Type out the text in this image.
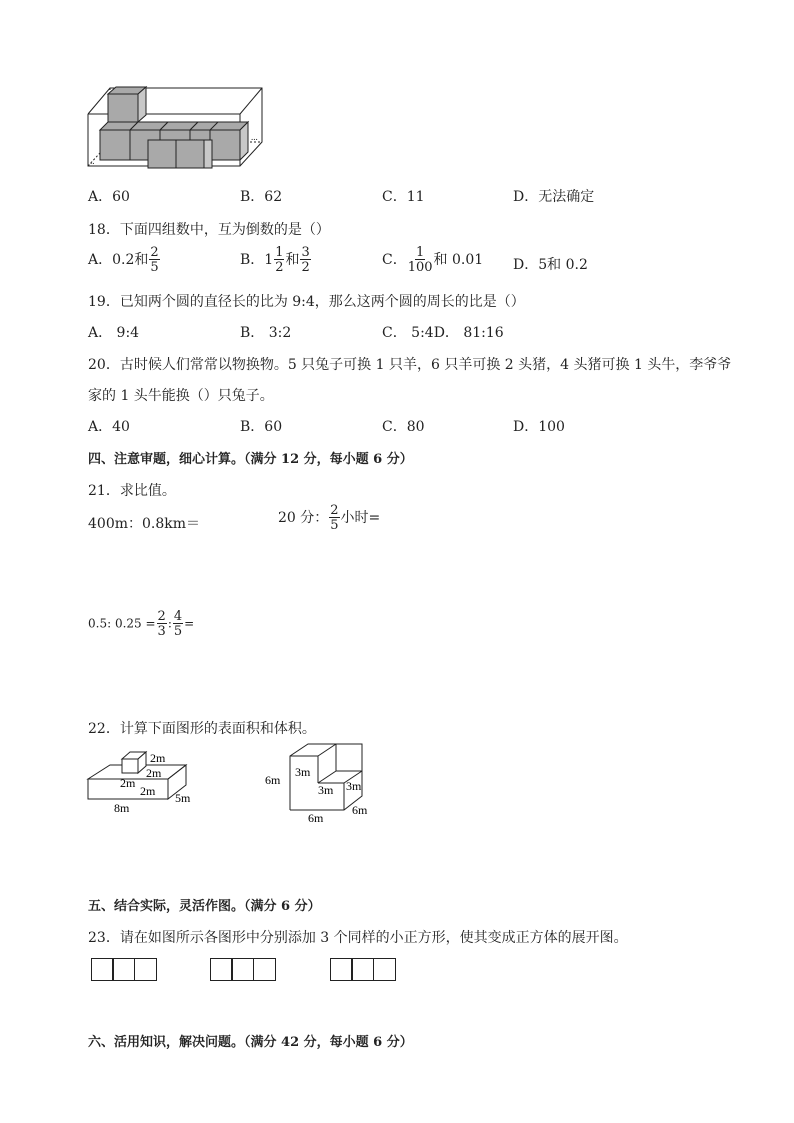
...
..
A．60	B．62	C．11	D．无法确定
18．下面四组数中，互为倒数的是（）
A．0.2和 $\frac{2}{5}$	B．$1 \frac{1}{2}$ 和 $\frac{3}{2}$	C． $\frac{1}{100}$ 和 0.01 D．5和 0.2
19．已知两个圆的直径长的比为 9:4，那么这两个圆的周长的比是（）
A． 9:4	B． 3:2	C． 5:4D． 81:16
20．古时候人们常常以物换物。5 只兔子可换 1 只羊，6 只羊可换 2 头猪，4 头猪可换 1 头牛，李爷爷
家的 1 头牛能换（）只兔子。
A．40	B．60	C．80	D．100
四、注意审题，细心计算。（满分 12 分，每小题 6 分）
21．求比值。
400m：0.8km＝	20 分： $\frac{2}{5}$ 小时=
0.5: $0.25 = \frac{2}{3}$ : $\frac{4}{5}$ =
22．计算下面图形的表面积和体积。
2m
2m
2m
2m 5m
8m
6m
3m
3m 3m
6m
6m
五、结合实际，灵活作图。（满分 6 分）
23．请在如图所示各图形中分别添加 3 个同样的小正方形，使其变成正方体的展开图。
六、活用知识，解决问题。（满分 42 分，每小题 6 分）
